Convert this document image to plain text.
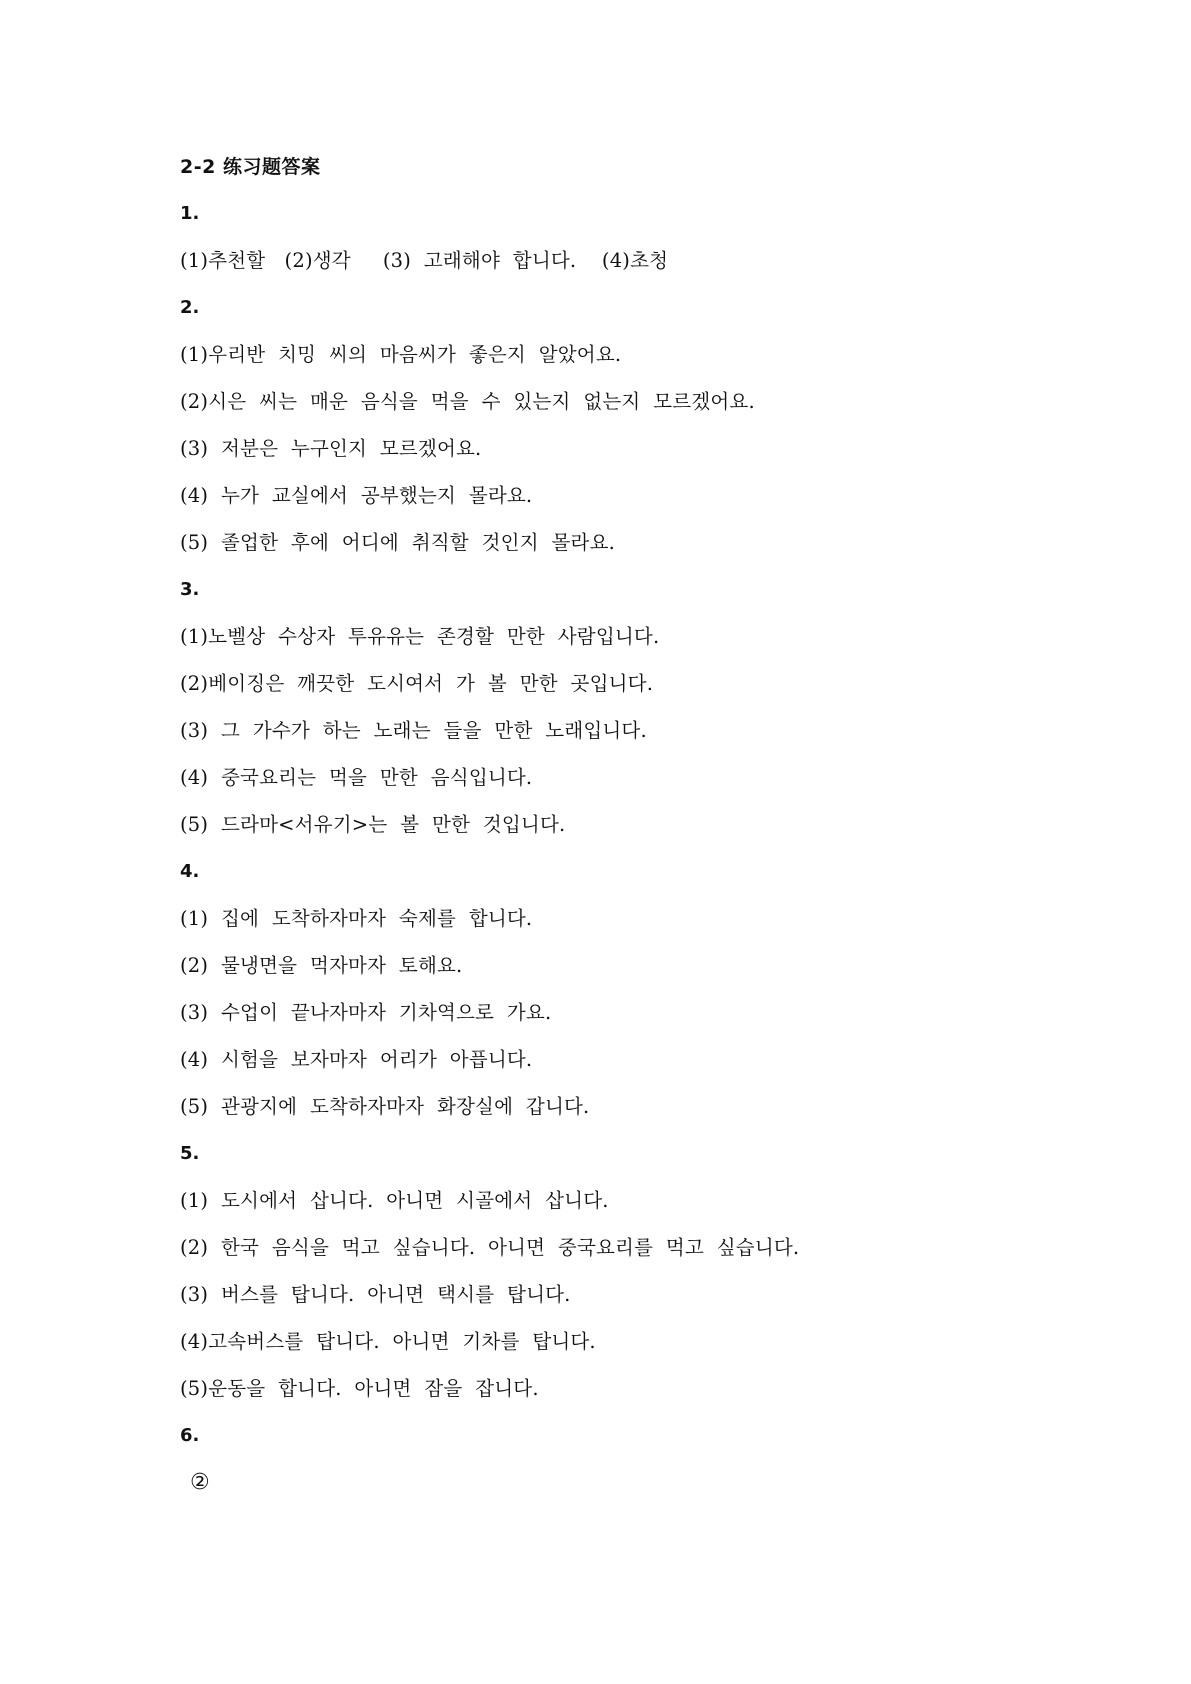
2-2 练习题答案
1.
(1)추천할   (2)생각     (3)  고래해야  합니다.    (4)초청
2.
(1)우리반  치밍  씨의  마음씨가  좋은지  알았어요.
(2)시은  씨는  매운  음식을  먹을  수  있는지  없는지  모르겠어요.
(3)  저분은  누구인지  모르겠어요.
(4)  누가  교실에서  공부했는지  몰라요.
(5)  졸업한  후에  어디에  취직할  것인지  몰라요.
3.
(1)노벨상  수상자  투유유는  존경할  만한  사람입니다.
(2)베이징은  깨끗한  도시여서  가  볼  만한  곳입니다.
(3)  그  가수가  하는  노래는  들을  만한  노래입니다.
(4)  중국요리는  먹을  만한  음식입니다.
(5)  드라마<서유기>는  볼  만한  것입니다.
4.
(1)  집에  도착하자마자  숙제를  합니다.
(2)  물냉면을  먹자마자  토해요.
(3)  수업이  끝나자마자  기차역으로  가요.
(4)  시험을  보자마자  어리가  아픕니다.
(5)  관광지에  도착하자마자  화장실에  갑니다.
5.
(1)  도시에서  삽니다.  아니면  시골에서  삽니다.
(2)  한국  음식을  먹고  싶습니다.  아니면  중국요리를  먹고  싶습니다.
(3)  버스를  탑니다.  아니면  택시를  탑니다.
(4)고속버스를  탑니다.  아니면  기차를  탑니다.
(5)운동을  합니다.  아니면  잠을  잡니다.
6.
②
